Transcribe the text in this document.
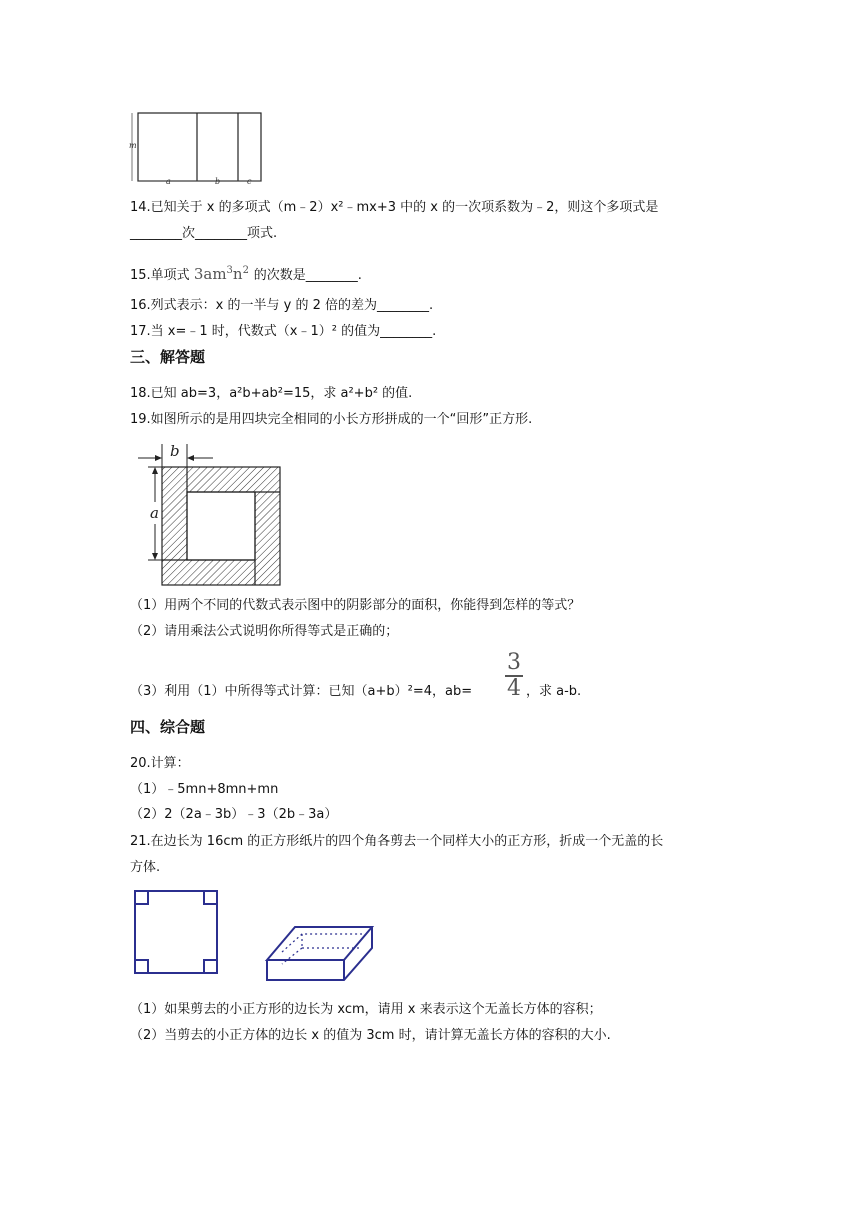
m
a	b	c
14.已知关于 x 的多项式（m﹣2）x²﹣mx+3 中的 x 的一次项系数为﹣2，则这个多项式是
________次________项式.
15.单项式 $3am^3n^2$ 的次数是________.
16.列式表示：x 的一半与 y 的 2 倍的差为________.
17.当 x=﹣1 时，代数式（x﹣1）² 的值为________.
三、解答题
18.已知 ab=3，a²b+ab²=15，求 a²+b² 的值.
19.如图所示的是用四块完全相同的小长方形拼成的一个“回形”正方形.
b
a
（1）用两个不同的代数式表示图中的阴影部分的面积，你能得到怎样的等式？
（2）请用乘法公式说明你所得等式是正确的；
（3）利用（1）中所得等式计算：已知（a+b）²=4，ab=
3
4 ，求 a-b.
四、综合题
20.计算：
（1）﹣5mn+8mn+mn
（2）2（2a﹣3b）﹣3（2b﹣3a）
21.在边长为 16cm 的正方形纸片的四个角各剪去一个同样大小的正方形，折成一个无盖的长
方体.
（1）如果剪去的小正方形的边长为 xcm，请用 x 来表示这个无盖长方体的容积；
（2）当剪去的小正方体的边长 x 的值为 3cm 时，请计算无盖长方体的容积的大小.
